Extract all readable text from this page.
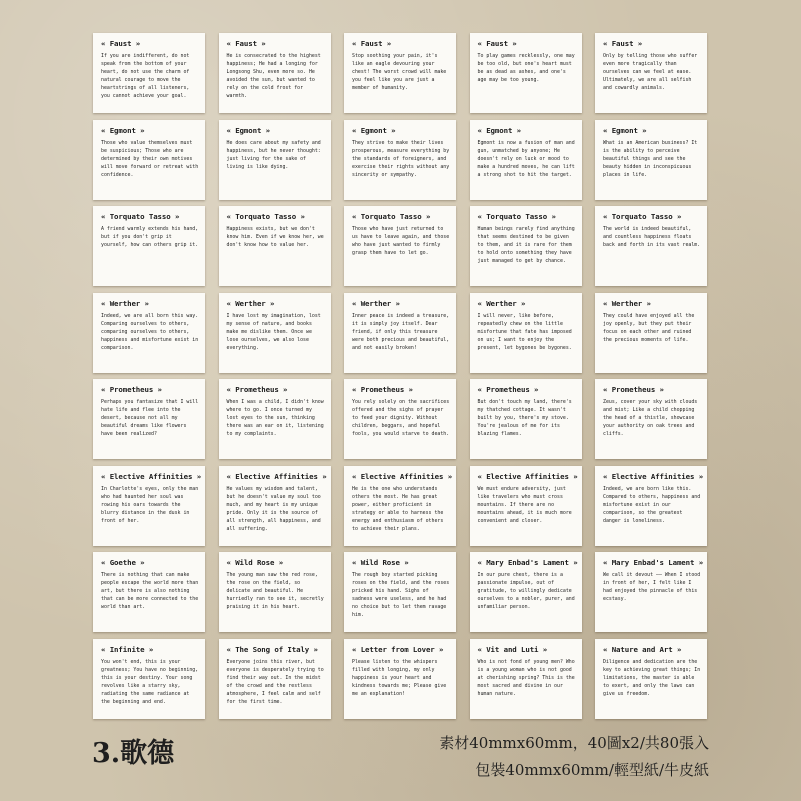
« Faust »

If you are indifferent, do not speak from the bottom of your heart, do not use the charm of natural courage to move the heartstrings of all listeners, you cannot achieve your goal.

« Faust »

He is consecrated to the highest happiness; He had a longing for Longsong Shu, even more so. He avoided the sun, but wanted to rely on the cold frost for warmth.

« Faust »

Stop soothing your pain, it's like an eagle devouring your chest! The worst crowd will make you feel like you are just a member of humanity.

« Faust »

To play games recklessly, one may be too old, but one's heart must be as dead as ashes, and one's age may be too young.

« Faust »

Only by telling those who suffer even more tragically than ourselves can we feel at ease. Ultimately, we are all selfish and cowardly animals.

« Egmont »

Those who value themselves must be suspicious; Those who are determined by their own motives will move forward or retreat with confidence.

« Egmont »

He does care about my safety and happiness, but he never thought: just living for the sake of living is like dying.

« Egmont »

They strive to make their lives prosperous, measure everything by the standards of foreigners, and exercise their rights without any sincerity or sympathy.

« Egmont »

Egmont is now a fusion of man and gun, unmatched by anyone; He doesn't rely on luck or mood to make a hundred moves, he can lift a strong shot to hit the target.

« Egmont »

What is an American business? It is the ability to perceive beautiful things and see the beauty hidden in inconspicuous places in life.

« Torquato Tasso »

A friend warmly extends his hand, but if you don't grip it yourself, how can others grip it.

« Torquato Tasso »

Happiness exists, but we don't know him. Even if we know her, we don't know how to value her.

« Torquato Tasso »

Those who have just returned to us have to leave again, and those who have just wanted to firmly grasp them have to let go.

« Torquato Tasso »

Human beings rarely find anything that seems destined to be given to them, and it is rare for them to hold onto something they have just managed to get by chance.

« Torquato Tasso »

The world is indeed beautiful, and countless happiness floats back and forth in its vast realm.

« Werther »

Indeed, we are all born this way. Comparing ourselves to others, comparing ourselves to others, happiness and misfortune exist in comparison.

« Werther »

I have lost my imagination, lost my sense of nature, and books make me dislike them. Once we lose ourselves, we also lose everything.

« Werther »

Inner peace is indeed a treasure, it is simply joy itself. Dear friend, if only this treasure were both precious and beautiful, and not easily broken!

« Werther »

I will never, like before, repeatedly chew on the little misfortune that fate has imposed on us; I want to enjoy the present, let bygones be bygones.

« Werther »

They could have enjoyed all the joy openly, but they put their focus on each other and ruined the precious moments of life.

« Prometheus »

Perhaps you fantasize that I will hate life and flee into the desert, because not all my beautiful dreams like flowers have been realized?

« Prometheus »

When I was a child, I didn't know where to go. I once turned my lost eyes to the sun, thinking there was an ear on it, listening to my complaints.

« Prometheus »

You rely solely on the sacrifices offered and the sighs of prayer to feed your dignity. Without children, beggars, and hopeful fools, you would starve to death.

« Prometheus »

But don't touch my land, there's my thatched cottage. It wasn't built by you, there's my stove. You're jealous of me for its blazing flames.

« Prometheus »

Zeus, cover your sky with clouds and mist; Like a child chopping the head of a thistle, showcase your authority on oak trees and cliffs.

« Elective Affinities »

In Charlotte's eyes, only the man who had haunted her soul was rowing his oars towards the blurry distance in the dusk in front of her.

« Elective Affinities »

He values my wisdom and talent, but he doesn't value my soul too much, and my heart is my unique pride. Only it is the source of all strength, all happiness, and all suffering.

« Elective Affinities »

He is the one who understands others the most. He has great power, either proficient in strategy or able to harness the energy and enthusiasm of others to achieve their plans.

« Elective Affinities »

We must endure adversity, just like travelers who must cross mountains. If there are no mountains ahead, it is much more convenient and closer.

« Elective Affinities »

Indeed, we are born like this. Compared to others, happiness and misfortune exist in our comparison, so the greatest danger is loneliness.

« Goethe »

There is nothing that can make people escape the world more than art, but there is also nothing that can be more connected to the world than art.

« Wild Rose »

The young man saw the red rose, the rose on the field, so delicate and beautiful. He hurriedly ran to see it, secretly praising it in his heart.

« Wild Rose »

The rough boy started picking roses on the field, and the roses pricked his hand. Sighs of sadness were useless, and he had no choice but to let them ravage him.

« Mary Enbad's Lament »

In our pure chest, there is a passionate impulse, out of gratitude, to willingly dedicate ourselves to a nobler, purer, and unfamiliar person.

« Mary Enbad's Lament »

We call it devout —— When I stood in front of her, I felt like I had enjoyed the pinnacle of this ecstasy.

« Infinite »

You won't end, this is your greatness; You have no beginning, this is your destiny. Your song revolves like a starry sky, radiating the same radiance at the beginning and end.

« The Song of Italy »

Everyone joins this river, but everyone is desperately trying to find their way out. In the midst of the crowd and the restless atmosphere, I feel calm and self for the first time.

« Letter from Lover »

Please listen to the whispers filled with longing, my only happiness is your heart and kindness towards me; Please give me an explanation!

« Vit and Luti »

Who is not fond of young men? Who is a young woman who is not good at cherishing spring? This is the most sacred and divine in our human nature.

« Nature and Art »

Diligence and dedication are the key to achieving great things; In limitations, the master is able to exert, and only the laws can give us freedom.

3.歌德	素材40mmx60mm，40圖x2/共80張入

包裝40mmx60mm/輕型紙/牛皮紙
